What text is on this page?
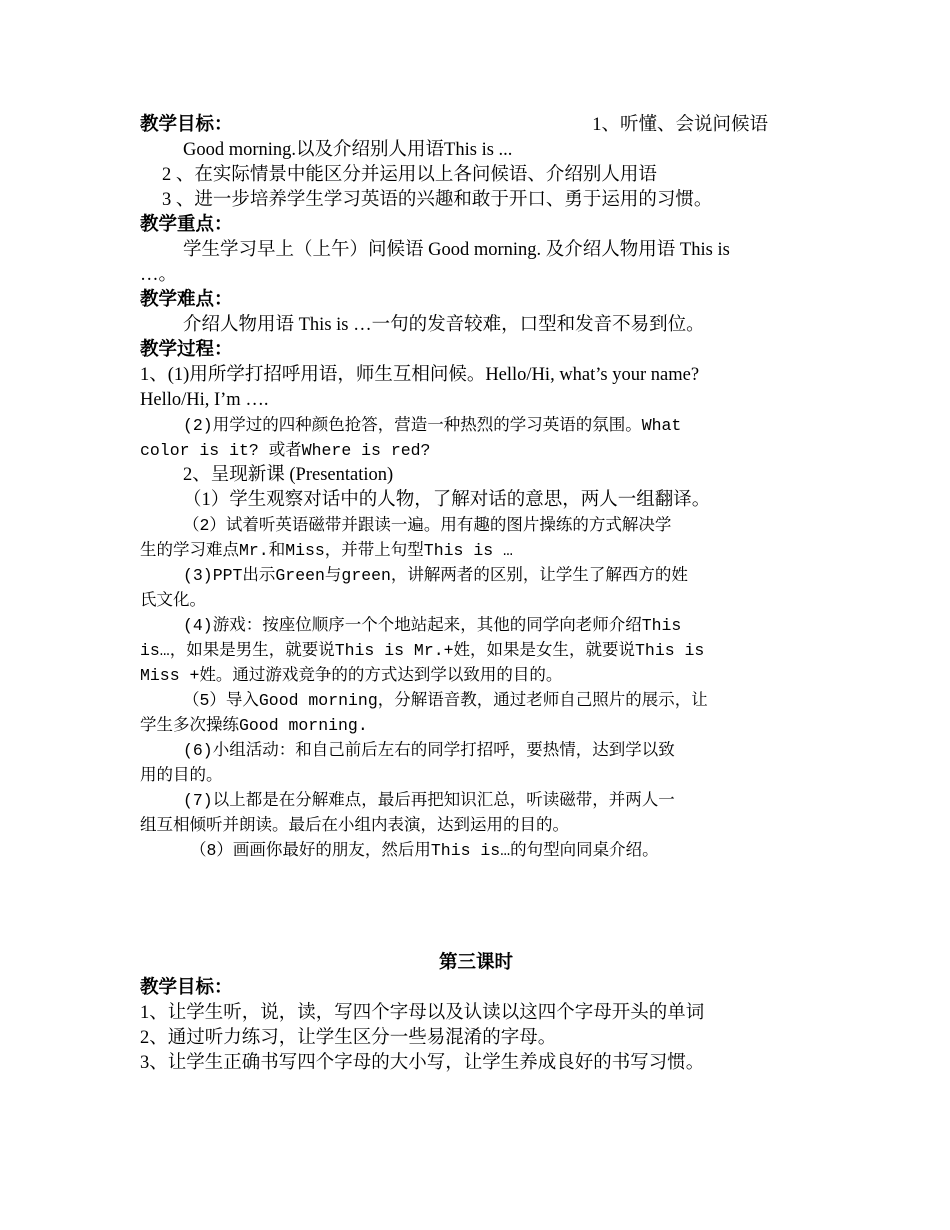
教学目标：	1、听懂、会说问候语
Good morning.以及介绍别人用语This is ...
2 、在实际情景中能区分并运用以上各问候语、介绍别人用语
3 、进一步培养学生学习英语的兴趣和敢于开口、勇于运用的习惯。
教学重点：
学生学习早上（上午）问候语 Good morning. 及介绍人物用语 This is
…。
教学难点：
介绍人物用语 This is …一句的发音较难，口型和发音不易到位。
教学过程：
1、(1)用所学打招呼用语，师生互相问候。Hello/Hi, what’s your name?
Hello/Hi, I’m ….
(2)用学过的四种颜色抢答，营造一种热烈的学习英语的氛围。What
color is it? 或者Where is red?
2、呈现新课 (Presentation)
（1）学生观察对话中的人物，了解对话的意思，两人一组翻译。
（2）试着听英语磁带并跟读一遍。用有趣的图片操练的方式解决学
生的学习难点Mr.和Miss，并带上句型This is …
(3)PPT出示Green与green，讲解两者的区别，让学生了解西方的姓
氏文化。
(4)游戏：按座位顺序一个个地站起来，其他的同学向老师介绍This
is…，如果是男生，就要说This is Mr.+姓，如果是女生，就要说This is
Miss +姓。通过游戏竞争的的方式达到学以致用的目的。
（5）导入Good morning，分解语音教，通过老师自己照片的展示，让
学生多次操练Good morning.
(6)小组活动：和自己前后左右的同学打招呼，要热情，达到学以致
用的目的。
(7)以上都是在分解难点，最后再把知识汇总，听读磁带，并两人一
组互相倾听并朗读。最后在小组内表演，达到运用的目的。
（8）画画你最好的朋友，然后用This is…的句型向同桌介绍。
第三课时
教学目标：
1、让学生听，说，读，写四个字母以及认读以这四个字母开头的单词
2、通过听力练习，让学生区分一些易混淆的字母。
3、让学生正确书写四个字母的大小写，让学生养成良好的书写习惯。
